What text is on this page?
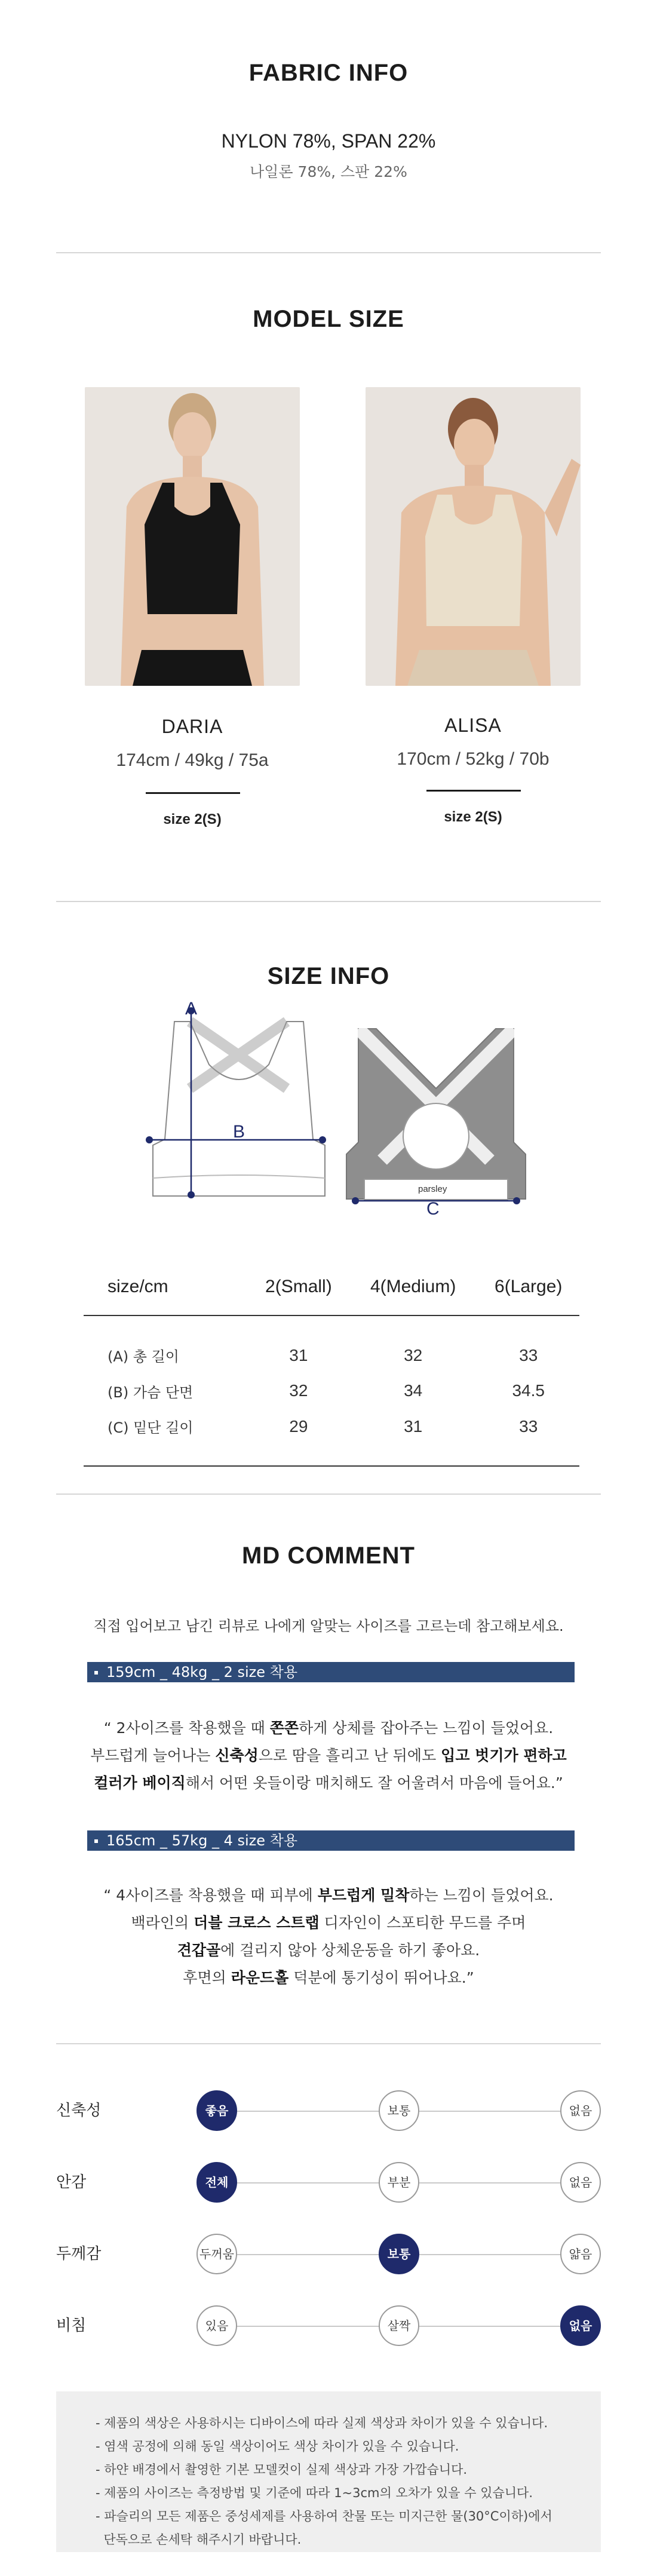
FABRIC INFO
NYLON 78%, SPAN 22%
나일론 78%, 스판 22%
MODEL SIZE
DARIA
174cm / 49kg / 75a
size 2(S)
ALISA
170cm / 52kg / 70b
size 2(S)
SIZE INFO
A
B
parsley
C
size/cm	2(Small)	4(Medium)	6(Large)
(A) 총 길이	31	32	33
(B) 가슴 단면	32	34	34.5
(C) 밑단 길이	29	31	33
MD COMMENT
직접 입어보고 남긴 리뷰로 나에게 알맞는 사이즈를 고르는데 참고해보세요.
159cm _ 48kg _ 2 size 착용
“ 2사이즈를 착용했을 때 쫀쫀하게 상체를 잡아주는 느낌이 들었어요.
부드럽게 늘어나는 신축성으로 땀을 흘리고 난 뒤에도 입고 벗기가 편하고
컬러가 베이직해서 어떤 옷들이랑 매치해도 잘 어울려서 마음에 들어요.”
165cm _ 57kg _ 4 size 착용
“ 4사이즈를 착용했을 때 피부에 부드럽게 밀착하는 느낌이 들었어요.
백라인의 더블 크로스 스트랩 디자인이 스포티한 무드를 주며
견갑골에 걸리지 않아 상체운동을 하기 좋아요.
후면의 라운드홀 덕분에 통기성이 뛰어나요.”
신축성	좋음	보통	없음
안감	전체	부분	없음
두께감	두꺼움	보통	얇음
비침	있음	살짝	없음
- 제품의 색상은 사용하시는 디바이스에 따라 실제 색상과 차이가 있을 수 있습니다.
- 염색 공정에 의해 동일 색상이어도 색상 차이가 있을 수 있습니다.
- 하얀 배경에서 촬영한 기본 모델컷이 실제 색상과 가장 가깝습니다.
- 제품의 사이즈는 측정방법 및 기준에 따라 1~3cm의 오차가 있을 수 있습니다.
- 파슬리의 모든 제품은 중성세제를 사용하여 찬물 또는 미지근한 물(30°C이하)에서
단독으로 손세탁 해주시기 바랍니다.
